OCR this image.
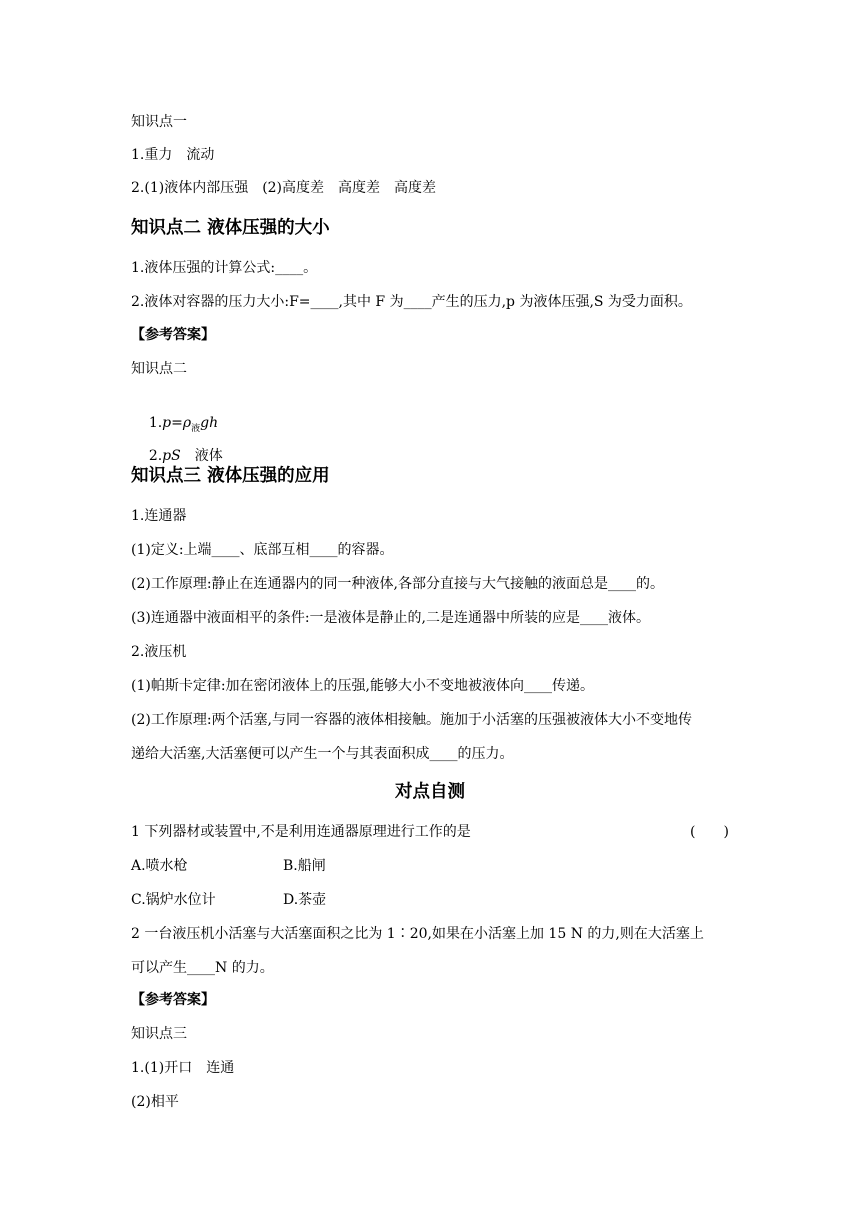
知识点一
1.重力　流动
2.(1)液体内部压强　(2)高度差　高度差　高度差
知识点二 液体压强的大小
1.液体压强的计算公式:____。
2.液体对容器的压力大小:F=____,其中 F 为____产生的压力,p 为液体压强,S 为受力面积。
【参考答案】
知识点二

$1.p=\rho_液gh$

2.pS　液体

知识点三 液体压强的应用
1.连通器
(1)定义:上端____、底部互相____的容器。
(2)工作原理:静止在连通器内的同一种液体,各部分直接与大气接触的液面总是____的。
(3)连通器中液面相平的条件:一是液体是静止的,二是连通器中所装的应是____液体。
2.液压机
(1)帕斯卡定律:加在密闭液体上的压强,能够大小不变地被液体向____传递。
(2)工作原理:两个活塞,与同一容器的液体相接触。施加于小活塞的压强被液体大小不变地传
递给大活塞,大活塞便可以产生一个与其表面积成____的压力。
对点自测
1 下列器材或装置中,不是利用连通器原理进行工作的是	(　　)
A.喷水枪	B.船闸
C.锅炉水位计	D.茶壶
2 一台液压机小活塞与大活塞面积之比为 1∶20,如果在小活塞上加 15 N 的力,则在大活塞上
可以产生____N 的力。
【参考答案】
知识点三
1.(1)开口　连通
(2)相平
